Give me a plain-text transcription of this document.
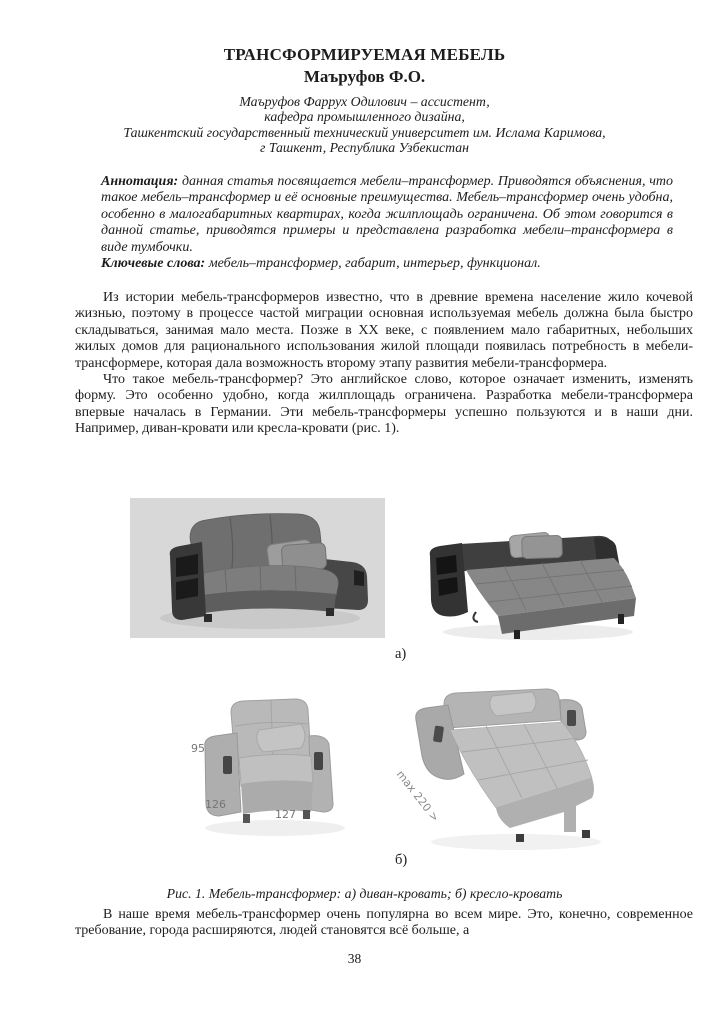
ТРАНСФОРМИРУЕМАЯ МЕБЕЛЬ
Маъруфов Ф.О.
Маъруфов Фаррух Одилович – ассистент,
кафедра промышленного дизайна,
Ташкентский государственный технический университет им. Ислама Каримова,
г Ташкент, Республика Узбекистан

Аннотация: данная статья посвящается мебели–трансформер. Приводятся объяснения, что такое мебель–трансформер и её основные преимущества. Мебель–трансформер очень удобна, особенно в малогабаритных квартирах, когда жилплощадь ограничена. Об этом говорится в данной статье, приводятся примеры и представлена разработка мебели–трансформера в виде тумбочки.

Ключевые слова: мебель–трансформер, габарит, интерьер, функционал.

Из истории мебель-трансформеров известно, что в древние времена население жило кочевой жизнью, поэтому в процессе частой миграции основная используемая мебель должна была быстро складываться, занимая мало места. Позже в XX веке, с появлением мало габаритных, небольших жилых домов для рационального использования жилой площади появилась потребность в мебели-трансформере, которая дала возможность второму этапу развития мебели-трансформера.

Что такое мебель-трансформер? Это английское слово, которое означает изменить, изменять форму. Это особенно удобно, когда жилплощадь ограничена. Разработка мебели-трансформера впервые началась в Германии. Эти мебель-трансформеры успешно пользуются и в наши дни. Например, диван-кровати или кресла-кровати (рис. 1).

а)
95
126
127	max 220 >
б)
Рис. 1. Мебель-трансформер: а) диван-кровать; б) кресло-кровать
В наше время мебель-трансформер очень популярна во всем мире. Это, конечно, современное требование, города расширяются, людей становятся всё больше, а
38
